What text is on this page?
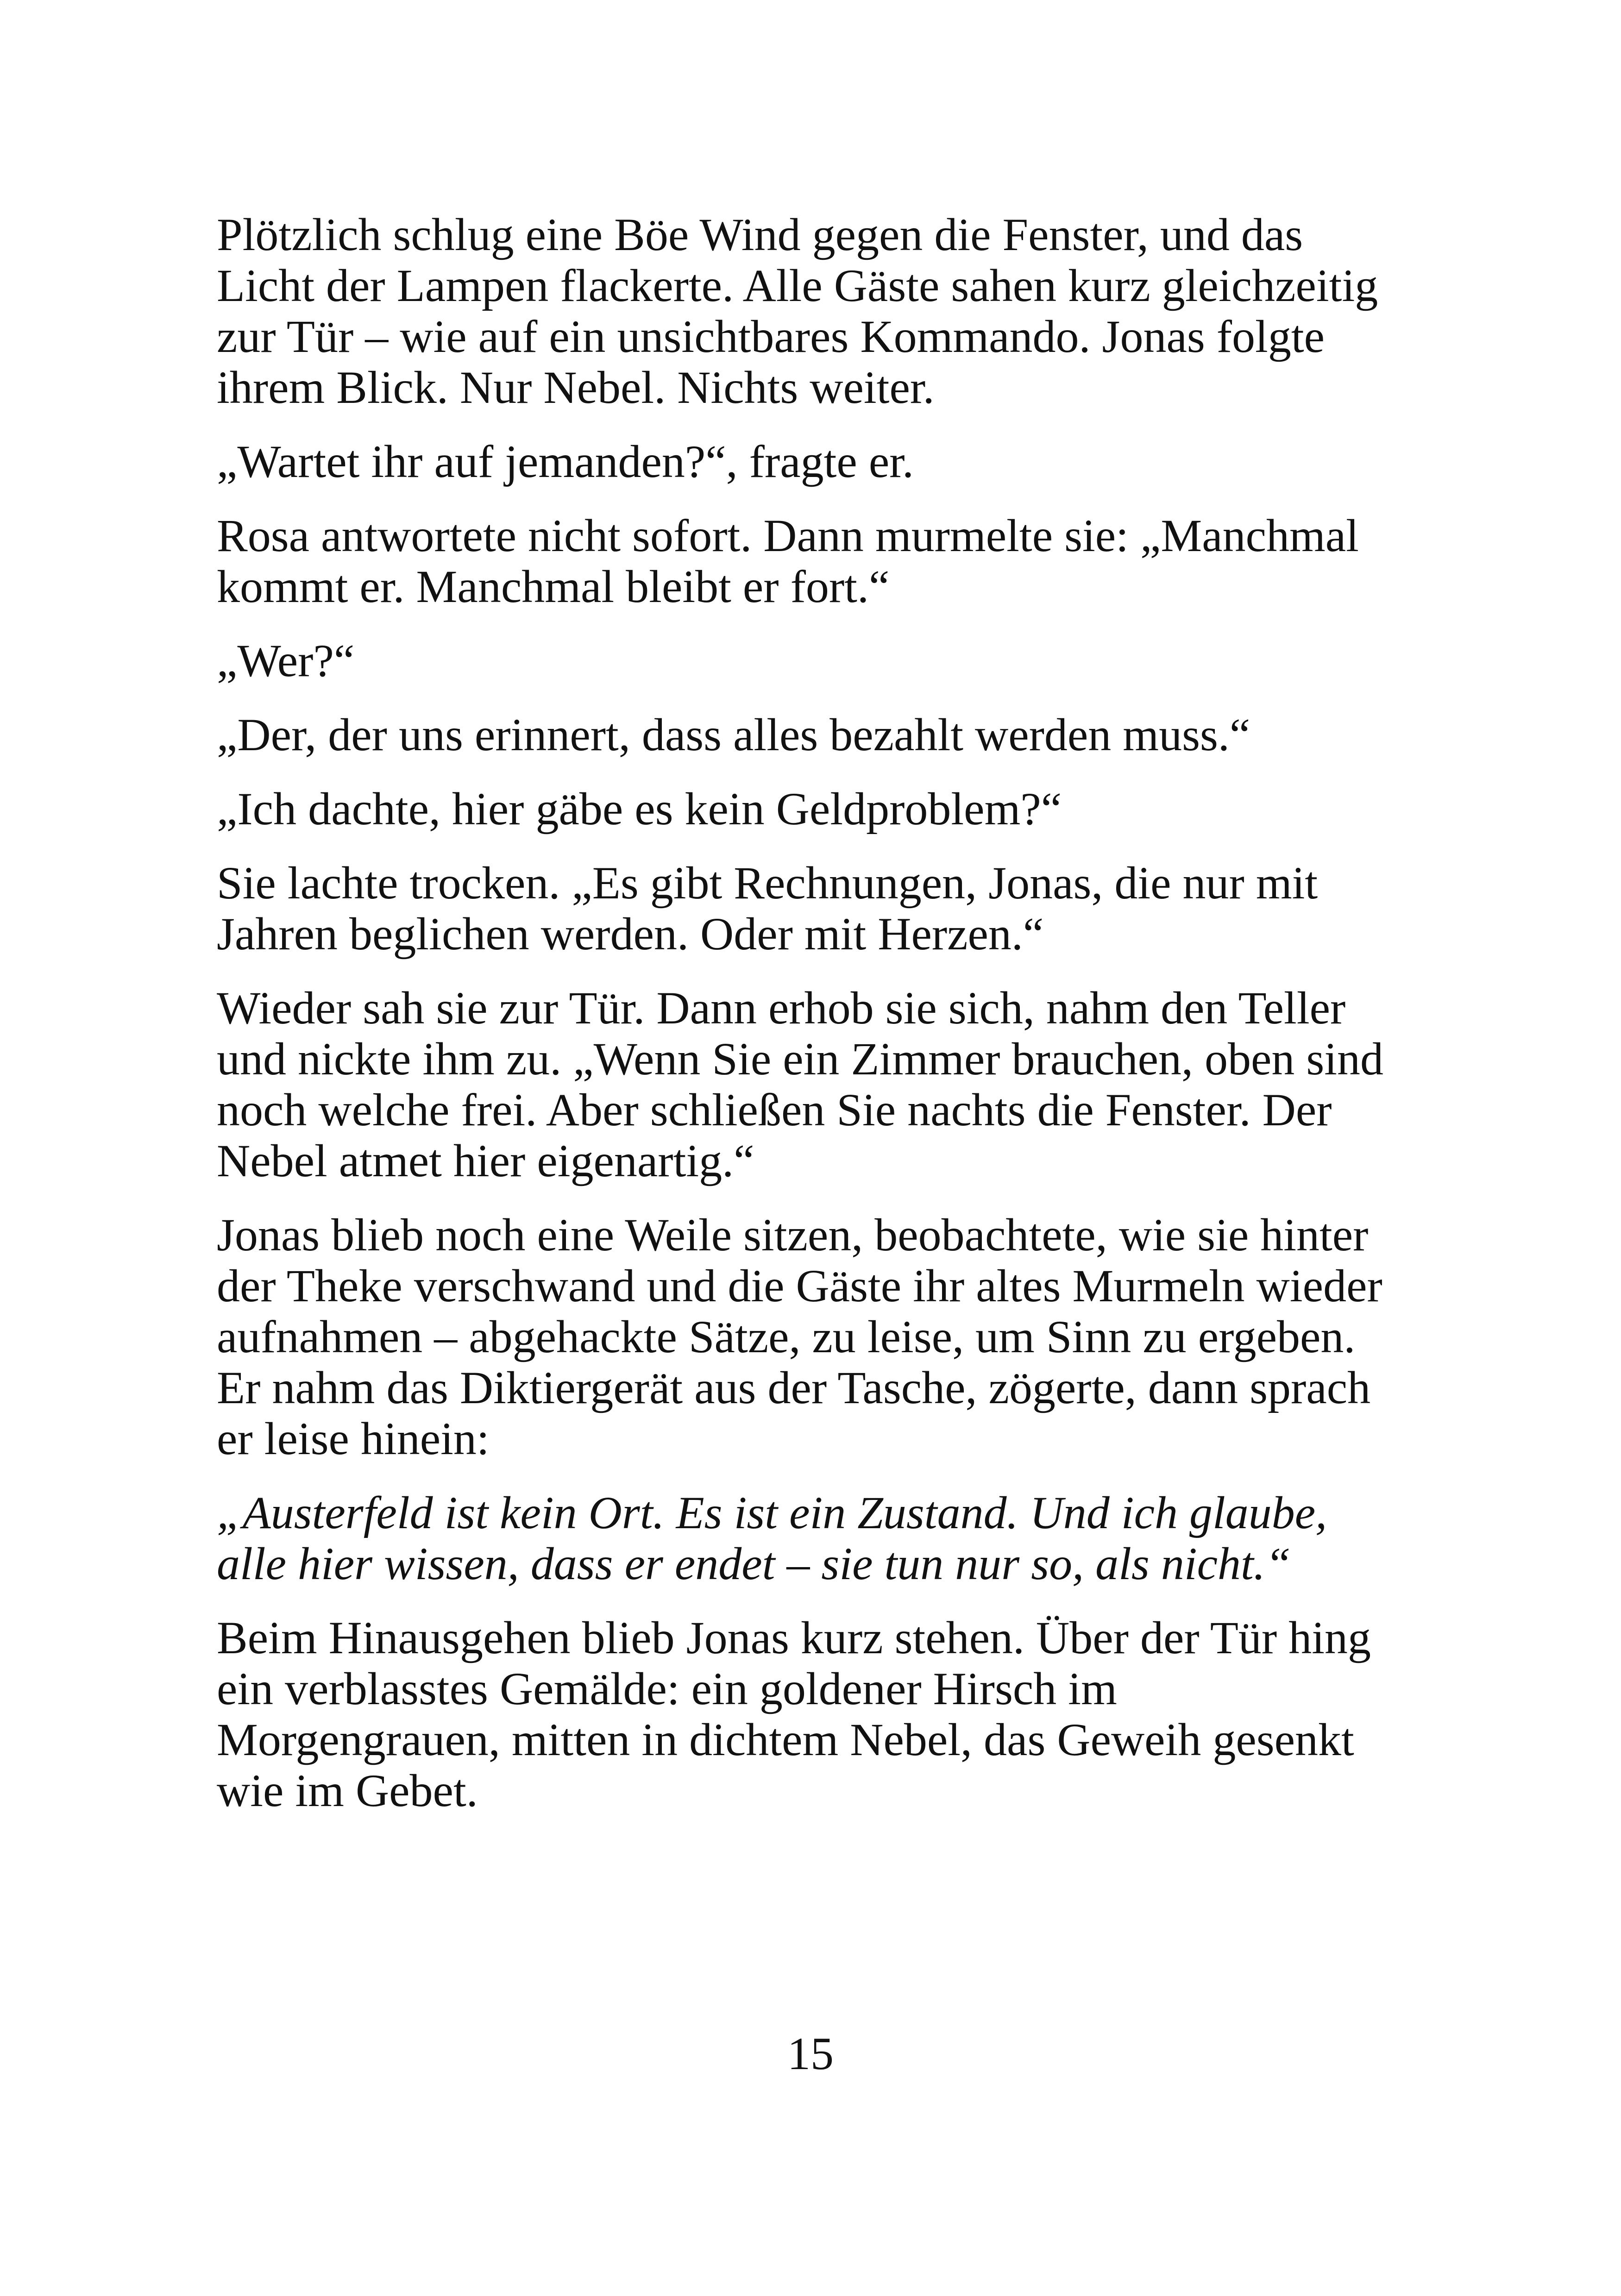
Plötzlich schlug eine Böe Wind gegen die Fenster, und das
Licht der Lampen flackerte. Alle Gäste sahen kurz gleichzeitig
zur Tür – wie auf ein unsichtbares Kommando. Jonas folgte
ihrem Blick. Nur Nebel. Nichts weiter.

„Wartet ihr auf jemanden?“, fragte er.

Rosa antwortete nicht sofort. Dann murmelte sie: „Manchmal
kommt er. Manchmal bleibt er fort.“

„Wer?“

„Der, der uns erinnert, dass alles bezahlt werden muss.“

„Ich dachte, hier gäbe es kein Geldproblem?“

Sie lachte trocken. „Es gibt Rechnungen, Jonas, die nur mit
Jahren beglichen werden. Oder mit Herzen.“

Wieder sah sie zur Tür. Dann erhob sie sich, nahm den Teller
und nickte ihm zu. „Wenn Sie ein Zimmer brauchen, oben sind
noch welche frei. Aber schließen Sie nachts die Fenster. Der
Nebel atmet hier eigenartig.“

Jonas blieb noch eine Weile sitzen, beobachtete, wie sie hinter
der Theke verschwand und die Gäste ihr altes Murmeln wieder
aufnahmen – abgehackte Sätze, zu leise, um Sinn zu ergeben.
Er nahm das Diktiergerät aus der Tasche, zögerte, dann sprach
er leise hinein:

„Austerfeld ist kein Ort. Es ist ein Zustand. Und ich glaube,
alle hier wissen, dass er endet – sie tun nur so, als nicht.“

Beim Hinausgehen blieb Jonas kurz stehen. Über der Tür hing
ein verblasstes Gemälde: ein goldener Hirsch im
Morgengrauen, mitten in dichtem Nebel, das Geweih gesenkt
wie im Gebet.

15
